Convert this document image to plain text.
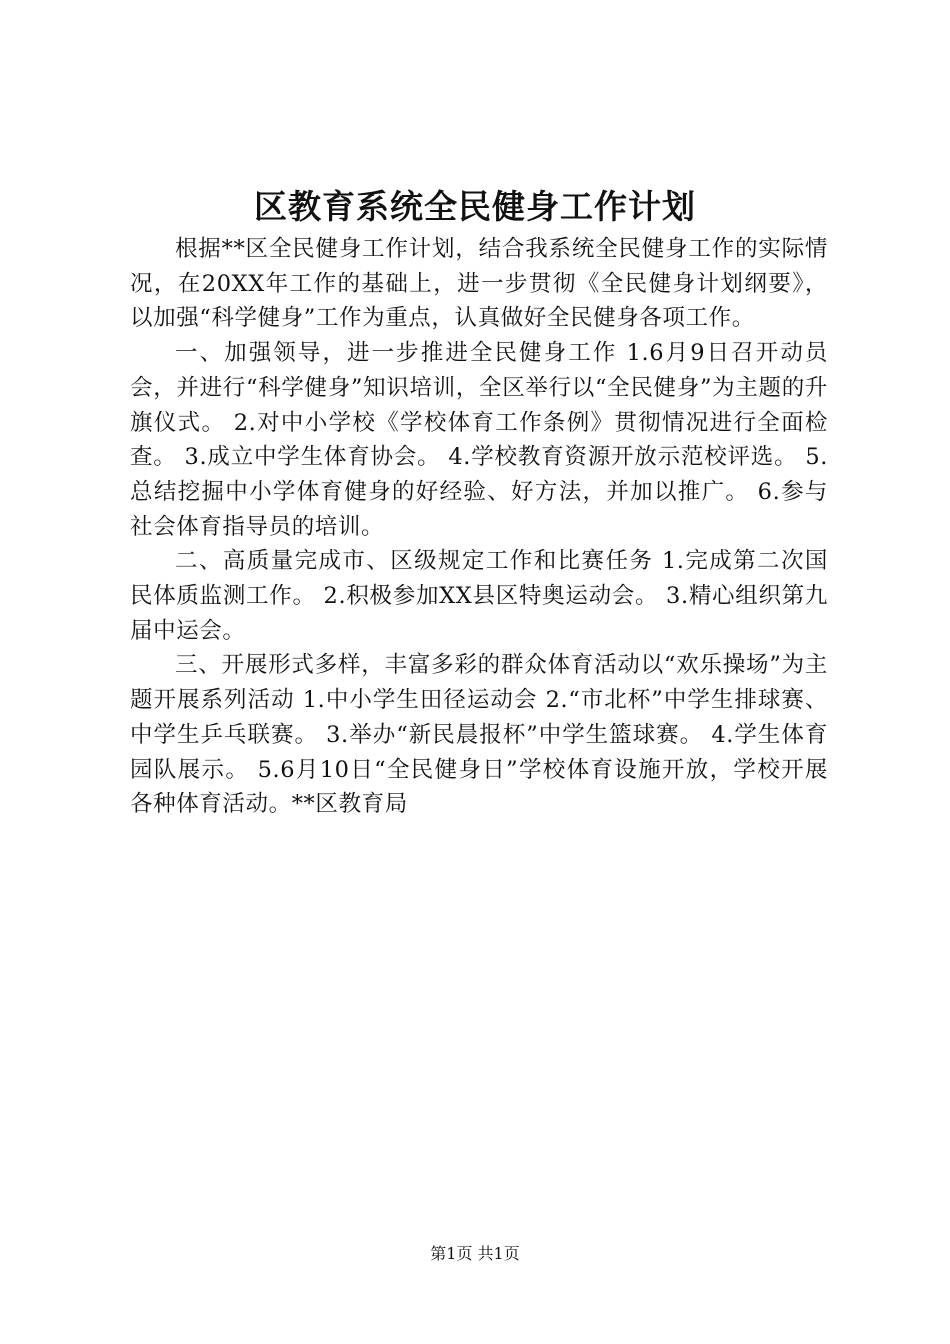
区教育系统全民健身工作计划

根据**区全民健身工作计划，结合我系统全民健身工作的实际情况，在20XX年工作的基础上，进一步贯彻《全民健身计划纲要》，以加强“科学健身”工作为重点，认真做好全民健身各项工作。

一、加强领导，进一步推进全民健身工作 1.6月9日召开动员会，并进行“科学健身”知识培训，全区举行以“全民健身”为主题的升旗仪式。 2.对中小学校《学校体育工作条例》贯彻情况进行全面检查。 3.成立中学生体育协会。 4.学校教育资源开放示范校评选。 5.总结挖掘中小学体育健身的好经验、好方法，并加以推广。 6.参与社会体育指导员的培训。

二、高质量完成市、区级规定工作和比赛任务 1.完成第二次国民体质监测工作。 2.积极参加XX县区特奥运动会。 3.精心组织第九届中运会。

三、开展形式多样，丰富多彩的群众体育活动以“欢乐操场”为主题开展系列活动 1.中小学生田径运动会 2.“市北杯”中学生排球赛、中学生乒乓联赛。 3.举办“新民晨报杯”中学生篮球赛。 4.学生体育园队展示。 5.6月10日“全民健身日”学校体育设施开放，学校开展各种体育活动。**区教育局

第1页 共1页
